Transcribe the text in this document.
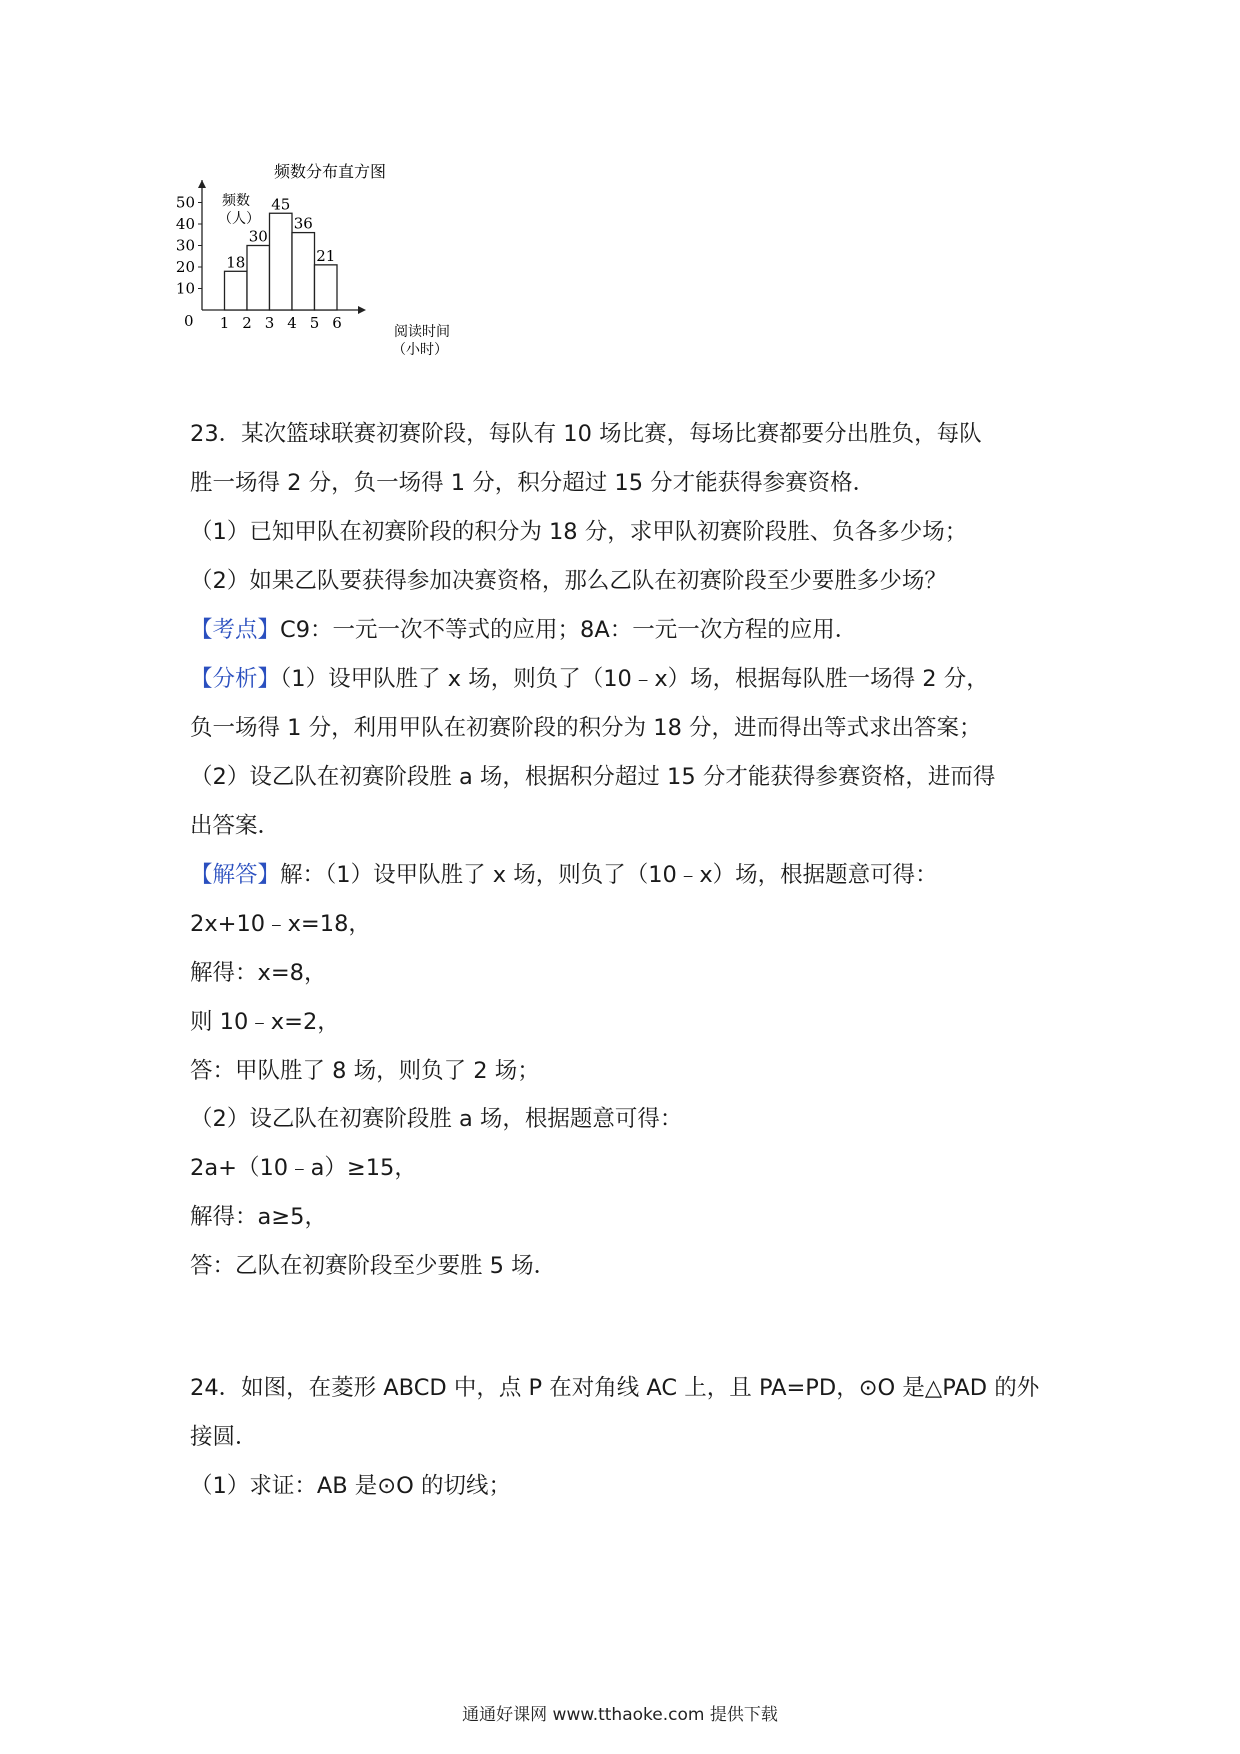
频数分布直方图
频数
（人）
阅读时间
（小时）
0
10
20
30
40
50
1 2 3 4 5 6
18
30
45
36
21
23．某次篮球联赛初赛阶段，每队有 10 场比赛，每场比赛都要分出胜负，每队
胜一场得 2 分，负一场得 1 分，积分超过 15 分才能获得参赛资格．
（1）已知甲队在初赛阶段的积分为 18 分，求甲队初赛阶段胜、负各多少场；
（2）如果乙队要获得参加决赛资格，那么乙队在初赛阶段至少要胜多少场？
【考点】C9：一元一次不等式的应用；8A：一元一次方程的应用．
【分析】（1）设甲队胜了 x 场，则负了（10﹣x）场，根据每队胜一场得 2 分，
负一场得 1 分，利用甲队在初赛阶段的积分为 18 分，进而得出等式求出答案；
（2）设乙队在初赛阶段胜 a 场，根据积分超过 15 分才能获得参赛资格，进而得
出答案．
【解答】解：（1）设甲队胜了 x 场，则负了（10﹣x）场，根据题意可得：
2x+10﹣x=18，
解得：x=8，
则 10﹣x=2，
答：甲队胜了 8 场，则负了 2 场；
（2）设乙队在初赛阶段胜 a 场，根据题意可得：
2a+（10﹣a）≥15，
解得：a≥5，
答：乙队在初赛阶段至少要胜 5 场．
24．如图，在菱形 ABCD 中，点 P 在对角线 AC 上，且 PA=PD，⊙O 是△PAD 的外
接圆．
（1）求证：AB 是⊙O 的切线；
通通好课网 www.tthaoke.com 提供下载
